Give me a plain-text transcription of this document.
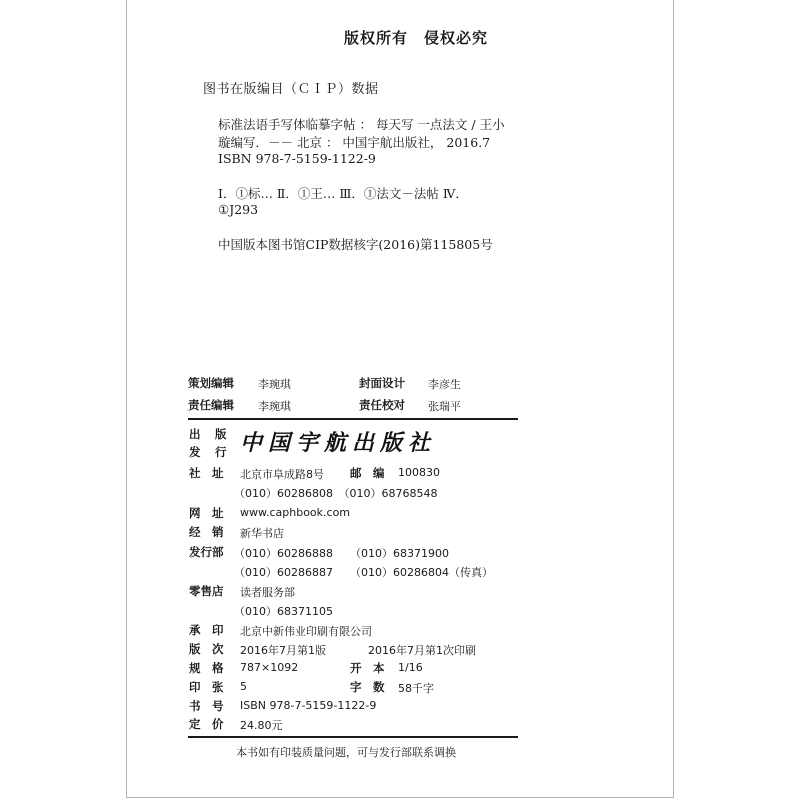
版权所有　侵权必究
图书在版编目（ＣＩＰ）数据
标准法语手写体临摹字帖 ： 每天写 一点法文 / 王小
璇编写．－－ 北京 ： 中国宇航出版社， 2016.7
ISBN 978-7-5159-1122-9
Ⅰ．①标… Ⅱ．①王… Ⅲ．①法文－法帖 Ⅳ．
①J293
中国版本图书馆CIP数据核字(2016)第115805号
策划编辑 李琬琪	封面设计 李彦生
责任编辑 李琬琪	责任校对 张瑞平
出 版
发 行 中国宇航出版社
社　址 北京市阜成路8号 邮　编 100830
（010）60286808　（010）68768548
网　址 www.caphbook.com
经　销 新华书店
发行部 （010）60286888 （010）68371900
（010）60286887 （010）60286804（传真）
零售店 读者服务部
（010）68371105
承　印 北京中新伟业印刷有限公司
版　次 2016年7月第1版	2016年7月第1次印刷
规　格 787×1092	开　本 1/16
印　张 5	字　数 58千字
书　号 ISBN 978-7-5159-1122-9
定　价 24.80元
本书如有印装质量问题，可与发行部联系调换
